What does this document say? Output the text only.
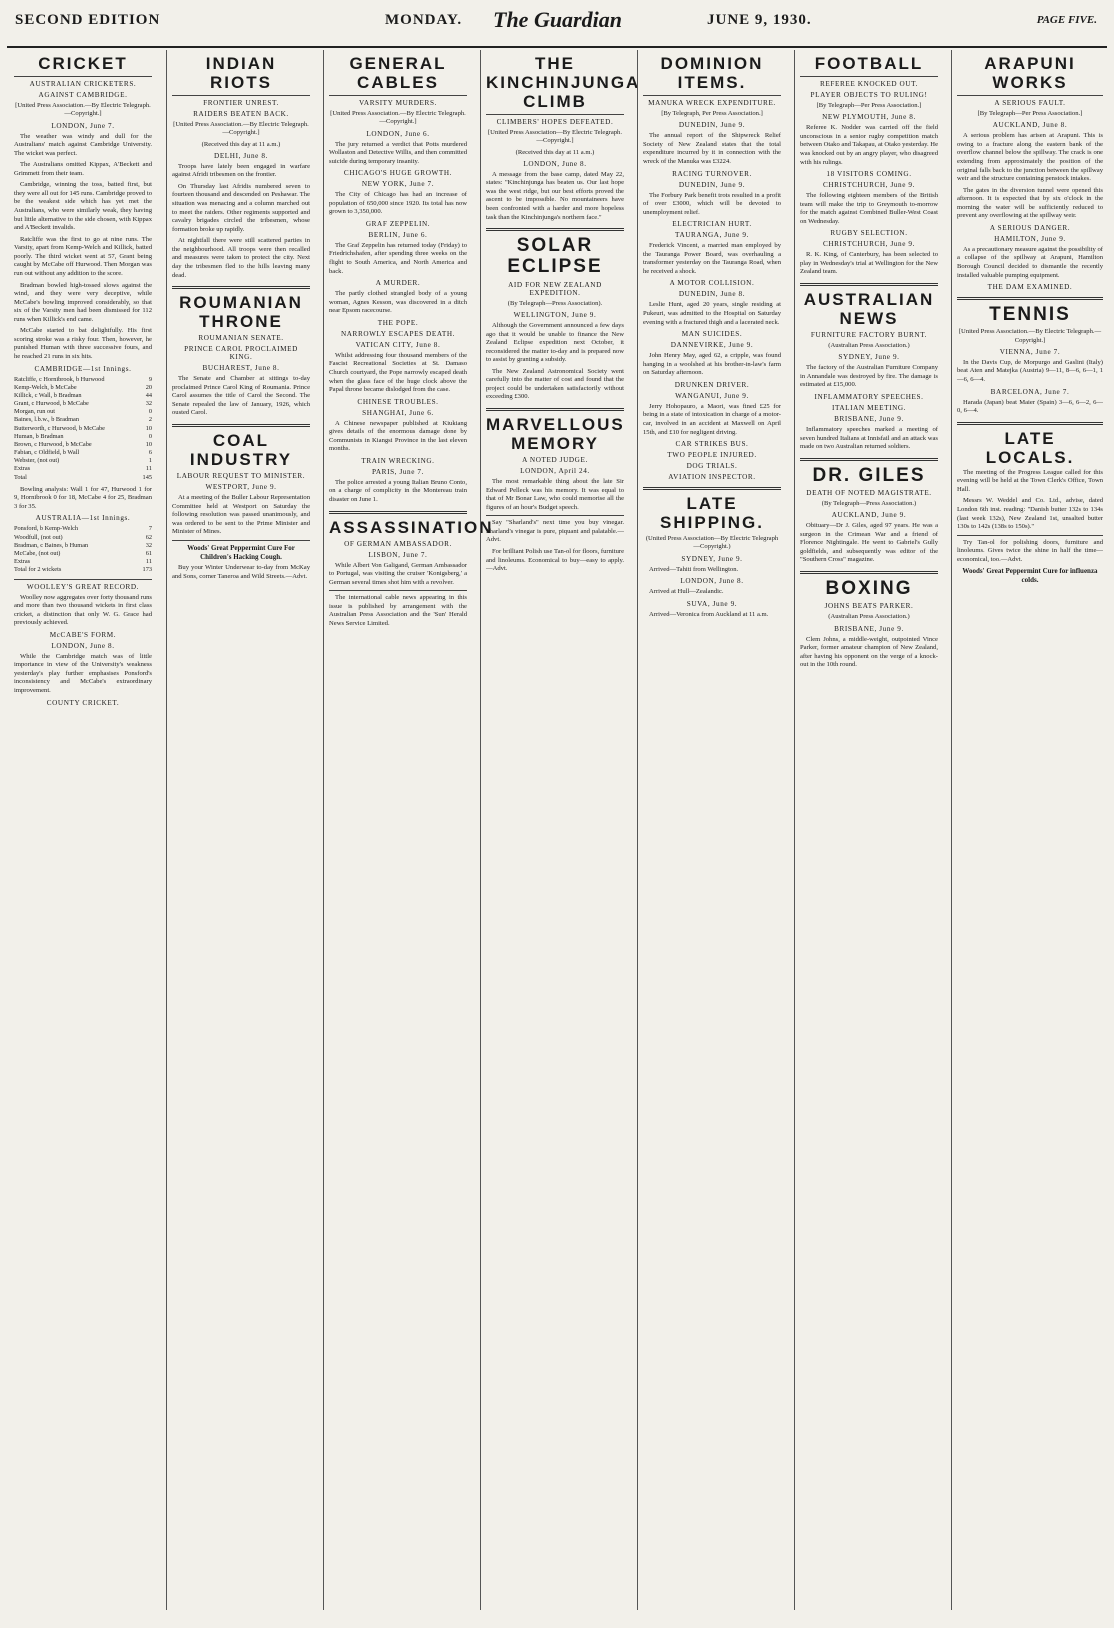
SECOND EDITION	MONDAY. The Guardian	JUNE 9, 1930.	PAGE FIVE.
CRICKET
AUSTRALIAN CRICKETERS.
AGAINST CAMBRIDGE.
[United Press Association.—By Electric Telegraph.—Copyright.]
LONDON, June 7.

The weather was windy and dull for the Australians' match against Cambridge University. The wicket was perfect.

The Australians omitted Kippax, A'Beckett and Grimmett from their team.

Cambridge, winning the toss, batted first, but they were all out for 145 runs. Cambridge proved to be the weakest side which has yet met the Australians, who were similarly weak, they having but little alternative to the side chosen, with Kippax and A'Beckett invalids.

Ratcliffe was the first to go at nine runs. The Varsity, apart from Kemp-Welch and Killick, batted poorly. The third wicket went at 57, Grant being caught by McCabe off Hurwood. Then Morgan was run out without any addition to the score.

Bradman bowled high-tossed slows against the wind, and they were very deceptive, while McCabe's bowling improved considerably, so that six of the Varsity men had been dismissed for 112 runs when Killick's end came.

McCabe started to bat delightfully. His first scoring stroke was a risky four. Then, however, he punished Human with three successive fours, and he reached 21 runs in six hits.

CAMBRIDGE—1st Innings.
Ratcliffe, c Hornibrook, b Hurwood	9
Kemp-Welch, b McCabe	20
Killick, c Wall, b Bradman	44
Grant, c Hurwood, b McCabe	32
Morgan, run out	0
Baines, l.b.w., b Bradman	2
Butterworth, c Hurwood, b McCabe	10
Human, b Bradman	0
Brown, c Hurwood, b McCabe	10
Fabian, c Oldfield, b Wall	6
Webster, (not out)	1
Extras	11
Total	145

Bowling analysis: Wall 1 for 47, Hurwood 1 for 9, Hornibrook 0 for 18, McCabe 4 for 25, Bradman 3 for 35.

AUSTRALIA—1st Innings.
Ponsford, b Kemp-Welch	7
Woodfull, (not out)	62
Bradman, c Baines, b Human	32
McCabe, (not out)	61
Extras	11
Total for 2 wickets	173
WOOLLEY'S GREAT RECORD.

Woolley now aggregates over forty thousand runs and more than two thousand wickets in first class cricket, a distinction that only W. G. Grace had previously achieved.

McCABE'S FORM.
LONDON, June 8.

While the Cambridge match was of little importance in view of the University's weakness yesterday's play further emphasises Ponsford's inconsistency and McCabe's extraordinary improvement.

COUNTY CRICKET.
INDIAN RIOTS
FRONTIER UNREST.
RAIDERS BEATEN BACK.
[United Press Association.—By Electric Telegraph.—Copyright.]
(Received this day at 11 a.m.)
DELHI, June 8.

Troops have lately been engaged in warfare against Afridi tribesmen on the frontier.

On Thursday last Afridis numbered seven to fourteen thousand and descended on Peshawar. The situation was menacing and a column marched out to meet the raiders. Other regiments supported and cavalry brigades circled the tribesmen, whose formation broke up rapidly.

At nightfall there were still scattered parties in the neighbourhood. All troops were then recalled and measures were taken to protect the city. Next day the tribesmen fled to the hills leaving many dead.

ROUMANIAN THRONE
ROUMANIAN SENATE.
PRINCE CAROL PROCLAIMED KING.
BUCHAREST, June 8.

The Senate and Chamber at sittings to-day proclaimed Prince Carol King of Roumania. Prince Carol assumes the title of Carol the Second. The Senate repealed the law of January, 1926, which ousted Carol.

COAL INDUSTRY
LABOUR REQUEST TO MINISTER.
WESTPORT, June 9.

At a meeting of the Buller Labour Representation Committee held at Westport on Saturday the following resolution was passed unanimously, and was ordered to be sent to the Prime Minister and Minister of Mines.

Woods' Great Peppermint Cure For Children's Hacking Cough.

Buy your Winter Underwear to-day from McKay and Sons, corner Taneroa and Wild Streets.—Advt.

GENERAL CABLES
VARSITY MURDERS.
[United Press Association.—By Electric Telegraph.—Copyright.]
LONDON, June 6.

The jury returned a verdict that Potts murdered Wollaston and Detective Willis, and then committed suicide during temporary insanity.

CHICAGO'S HUGE GROWTH.
NEW YORK, June 7.

The City of Chicago has had an increase of population of 650,000 since 1920. Its total has now grown to 3,350,000.

GRAF ZEPPELIN.
BERLIN, June 6.

The Graf Zeppelin has returned today (Friday) to Friedrichshafen, after spending three weeks on the flight to South America, and North America and back.

A MURDER.

The partly clothed strangled body of a young woman, Agnes Kesson, was discovered in a ditch near Epsom racecourse.

THE POPE.
NARROWLY ESCAPES DEATH.
VATICAN CITY, June 8.

Whilst addressing four thousand members of the Fascist Recreational Societies at St. Damaso Church courtyard, the Pope narrowly escaped death when the glass face of the huge clock above the Papal throne became dislodged from the case.

CHINESE TROUBLES.
SHANGHAI, June 6.

A Chinese newspaper published at Kiukiang gives details of the enormous damage done by Communists in Kiangsi Province in the last eleven months.

TRAIN WRECKING.
PARIS, June 7.

The police arrested a young Italian Bruno Conto, on a charge of complicity in the Montereau train disaster on June 1.

ASSASSINATION
OF GERMAN AMBASSADOR.
LISBON, June 7.

While Albert Von Galigand, German Ambassador to Portugal, was visiting the cruiser 'Konigsberg,' a German several times shot him with a revolver.

The international cable news appearing in this issue is published by arrangement with the Australian Press Association and the 'Sun' Herald News Service Limited.

THE KINCHINJUNGA CLIMB
CLIMBERS' HOPES DEFEATED.
[United Press Association—By Electric Telegraph.—Copyright.]
(Received this day at 11 a.m.)
LONDON, June 8.

A message from the base camp, dated May 22, states: "Kinchinjunga has beaten us. Our last hope was the west ridge, but our best efforts proved the ascent to be impossible. No mountaineers have been confronted with a harder and more hopeless task than the Kinchinjunga's northern face."

SOLAR ECLIPSE
AID FOR NEW ZEALAND EXPEDITION.
(By Telegraph—Press Association).
WELLINGTON, June 9.

Although the Government announced a few days ago that it would be unable to finance the New Zealand Eclipse expedition next October, it reconsidered the matter to-day and is prepared now to assist by granting a subsidy.

The New Zealand Astronomical Society went carefully into the matter of cost and found that the project could be undertaken satisfactorily without exceeding £300.

MARVELLOUS MEMORY
A NOTED JUDGE.
LONDON, April 24.

The most remarkable thing about the late Sir Edward Pelleck was his memory. It was equal to that of Mr Bonar Law, who could memorise all the figures of an hour's Budget speech.

Say "Sharland's" next time you buy vinegar. Sharland's vinegar is pure, piquant and palatable.—Advt.

For brilliant Polish use Tan-ol for floors, furniture and linoleums. Economical to buy—easy to apply.—Advt.

DOMINION ITEMS.
MANUKA WRECK EXPENDITURE.
[By Telegraph, Per Press Association.]
DUNEDIN, June 9.

The annual report of the Shipwreck Relief Society of New Zealand states that the total expenditure incurred by it in connection with the wreck of the Manuka was £3224.

RACING TURNOVER.
DUNEDIN, June 9.

The Forbury Park benefit trots resulted in a profit of over £3000, which will be devoted to unemployment relief.

ELECTRICIAN HURT.
TAURANGA, June 9.

Frederick Vincent, a married man employed by the Tauranga Power Board, was overhauling a transformer yesterday on the Tauranga Road, when he received a shock.

A MOTOR COLLISION.
DUNEDIN, June 8.

Leslie Hunt, aged 20 years, single residing at Pukeuri, was admitted to the Hospital on Saturday evening with a fractured thigh and a lacerated neck.

MAN SUICIDES.
DANNEVIRKE, June 9.

John Henry May, aged 62, a cripple, was found hanging in a woolshed at his brother-in-law's farm on Saturday afternoon.

DRUNKEN DRIVER.
WANGANUI, June 9.

Jerry Hohopauro, a Maori, was fined £25 for being in a state of intoxication in charge of a motor-car, involved in an accident at Maxwell on April 15th, and £10 for negligent driving.

CAR STRIKES BUS.
TWO PEOPLE INJURED.
DOG TRIALS.
AVIATION INSPECTOR.
LATE SHIPPING.
(United Press Association—By Electric Telegraph—Copyright.)
SYDNEY, June 9.

Arrived—Tahiti from Wellington.

LONDON, June 8.

Arrived at Hull—Zealandic.

SUVA, June 9.

Arrived—Veronica from Auckland at 11 a.m.

FOOTBALL
REFEREE KNOCKED OUT.
PLAYER OBJECTS TO RULING!
[By Telegraph—Per Press Association.]
NEW PLYMOUTH, June 8.

Referee K. Nodder was carried off the field unconscious in a senior rugby competition match between Otako and Takapau, at Otako yesterday. He was knocked out by an angry player, who disagreed with his rulings.

18 VISITORS COMING.
CHRISTCHURCH, June 9.

The following eighteen members of the British team will make the trip to Greymouth to-morrow for the match against Combined Buller-West Coast on Wednesday.

RUGBY SELECTION.
CHRISTCHURCH, June 9.

R. K. King, of Canterbury, has been selected to play in Wednesday's trial at Wellington for the New Zealand team.

AUSTRALIAN NEWS
FURNITURE FACTORY BURNT.
(Australian Press Association.)
SYDNEY, June 9.

The factory of the Australian Furniture Company in Annandale was destroyed by fire. The damage is estimated at £15,000.

INFLAMMATORY SPEECHES.
ITALIAN MEETING.
BRISBANE, June 9.

Inflammatory speeches marked a meeting of seven hundred Italians at Innisfail and an attack was made on two Australian returned soldiers.

DR. GILES
DEATH OF NOTED MAGISTRATE.
(By Telegraph—Press Association.)
AUCKLAND, June 9.

Obituary—Dr J. Giles, aged 97 years. He was a surgeon in the Crimean War and a friend of Florence Nightingale. He went to Gabriel's Gully goldfields, and subsequently was editor of the "Southern Cross" magazine.

BOXING
JOHNS BEATS PARKER.
(Australian Press Association.)
BRISBANE, June 9.

Clem Johns, a middle-weight, outpointed Vince Parker, former amateur champion of New Zealand, after having his opponent on the verge of a knock-out in the 10th round.

ARAPUNI WORKS
A SERIOUS FAULT.
[By Telegraph—Per Press Association.]
AUCKLAND, June 8.

A serious problem has arisen at Arapuni. This is owing to a fracture along the eastern bank of the overflow channel below the spillway. The crack is one extending from approximately the position of the original falls back to the junction between the spillway weir and the structure containing penstock intakes.

The gates in the diversion tunnel were opened this afternoon. It is expected that by six o'clock in the morning the water will be sufficiently reduced to prevent any overflowing at the spillway weir.

A SERIOUS DANGER.
HAMILTON, June 9.

As a precautionary measure against the possibility of a collapse of the spillway at Arapuni, Hamilton Borough Council decided to dismantle the recently installed valuable pumping equipment.

THE DAM EXAMINED.
TENNIS
[United Press Association.—By Electric Telegraph.—Copyright.]
VIENNA, June 7.

In the Davis Cup, de Morpurgo and Gaslini (Italy) beat Aten and Matejka (Austria) 9—11, 8—6, 6—1, 1—6, 6—4.

BARCELONA, June 7.

Harada (Japan) beat Maier (Spain) 3—6, 6—2, 6—0, 6—4.

LATE LOCALS.

The meeting of the Progress League called for this evening will be held at the Town Clerk's Office, Town Hall.

Messrs W. Weddel and Co. Ltd., advise, dated London 6th inst. reading: "Danish butter 132s to 134s (last week 132s), New Zealand 1st, unsalted butter 130s to 142s (138s to 150s)."

Try Tan-ol for polishing doors, furniture and linoleums. Gives twice the shine in half the time—economical, too.—Advt.

Woods' Great Peppermint Cure for influenza colds.
